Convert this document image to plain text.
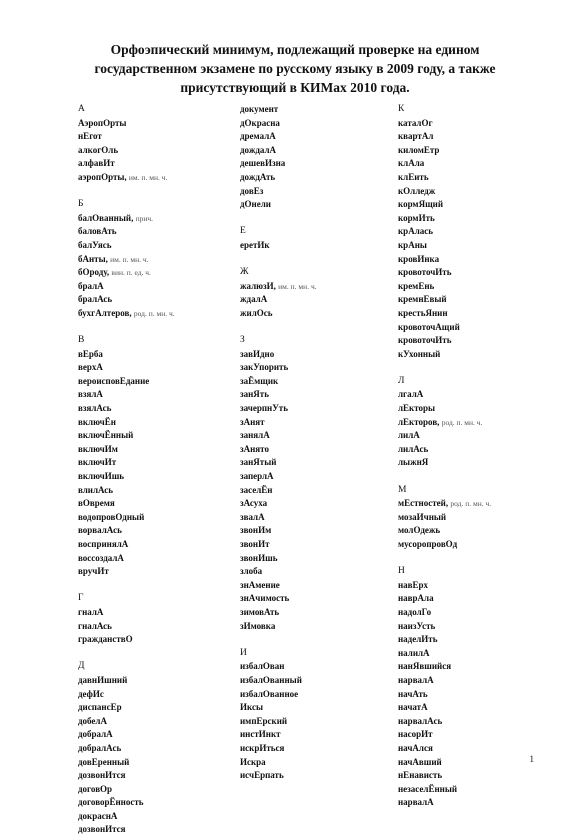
Орфоэпический минимум, подлежащий проверке на едином государственном экзамене по русскому языку в 2009 году, а также присутствующий в КИМах 2010 года.
А
АэропОрты
нЕгот
алкогОль
алфавИт
аэропОрты, им. п. мн. ч.
Б
балОванный, прич.
баловАть
балУясь
бАнты, им. п. мн. ч.
бОроду, вин. п. ед. ч.
бралА
бралАсь
бухгАлтеров, род. п. мн. ч.
В
вЕрба
верхА
вероисповЕдание
взялА
взялАсь
включЁн
включЁнный
включИм
включИт
включИшь
влилАсь
вОвремя
водопровОдный
ворвалАсь
воспринялА
воссоздалА
вручИт
Г
гналА
гналАсь
гражданствО
Д
давнИшний
дефИс
диспансЕр
добелА
добралА
добралАсь
довЕренный
дозвонИтся
договОр
договорЁнность
докраснА
дозвонИтся
документ
дОкрасна
дремалА
дождалА
дешевИзна
дождАть
довЕз
дОнели
Е
еретИк
Ж
жалюзИ, им. п. мн. ч.
ждалА
жилОсь
З
завИдно
закУпорить
заЁмщик
занЯть
зачерпнУть
зАнят
занялА
зАнято
занЯтый
заперлА
заселЁн
зАсуха
звалА
звонИм
звонИт
звонИшь
злоба
знАмение
знАчимость
зимовАть
зИмовка
И
избалОван
избалОванный
избалОванное
Иксы
импЕрский
инстИнкт
искрИться
Искра
исчЕрпать
К
каталОг
квартАл
киломЕтр
клАла
клЕить
кОлледж
кормЯщий
кормИть
крАлась
крАны
кровИнка
кровоточИть
кремЕнь
кремнЕвый
крестьЯнин
кровоточАщий
кровоточИть
кУхонный
Л
лгалА
лЕкторы
лЕкторов, род. п. мн. ч.
лилА
лилАсь
лыжнЯ
М
мЕстностей, род. п. мн. ч.
мозаИчный
молОдежь
мусоропровОд
Н
навЕрх
наврАла
надолГо
наизУсть
наделИть
налилА
нанЯвшийся
нарвалА
начАть
начатА
нарвалАсь
насорИт
начАлся
начАвший
нЕнависть
незаселЁнный
нарвалА
1
